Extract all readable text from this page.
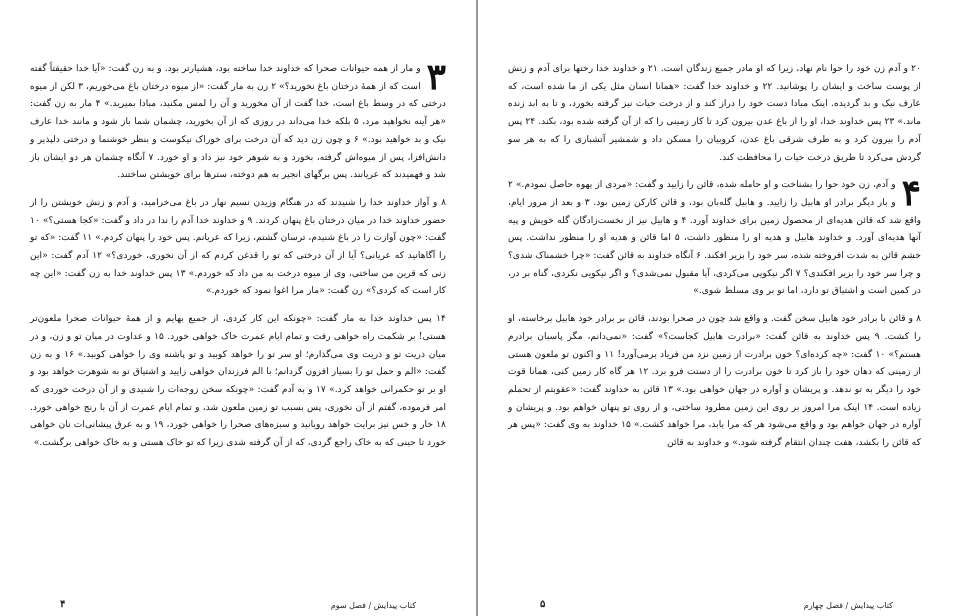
۳
و مار از همه حیوانات صحرا که خداوند خدا ساخته بود، هشیارتر بود. و به زن گفت: «آیا خدا حقیقتاً گفته است که از همهٔ درختان باغ نخورید؟» ۲ زن به مار گفت: «از میوه درختان باغ می‌خوریم، ۳ لکن از میوه درختی که در وسط باغ است، خدا گفت از آن مخورید و آن را لمس مکنید، مبادا بمیرید.» ۴ مار به زن گفت: «هر آینه نخواهید مرد، ۵ بلکه خدا می‌داند در روزی که از آن بخورید، چشمان شما باز شود و مانند خدا عارف نیک و بد خواهید بود.» ۶ و چون زن دید که آن درخت برای خوراک نیکوست و بنظر خوشنما و درختی دلپذیر و دانش‌افزا، پس از میوه‌اش گرفته، بخورد و به شوهر خود نیز داد و او خورد. ۷ آنگاه چشمان هر دو ایشان باز شد و فهمیدند که عریانند. پس برگهای انجیر به هم دوخته، سترها برای خویشتن ساختند.

۸ و آواز خداوند خدا را شنیدند که در هنگام وزیدن نسیم نهار در باغ می‌خرامید، و آدم و زنش خویشتن را از حضور خداوند خدا در میان درختان باغ پنهان کردند. ۹ و خداوند خدا آدم را ندا در داد و گفت: «کجا هستی؟» ۱۰ گفت: «چون آوازت را در باغ شنیدم، ترسان گشتم، زیرا که عریانم. پس خود را پنهان کردم.» ۱۱ گفت: «که تو را آگاهانید که عریانی؟ آیا از آن درختی که تو را قدغن کردم که از آن نخوری، خوردی؟» ۱۲ آدم گفت: «این زنی که قرین من ساختی، وی از میوه درخت به من داد که خوردم.» ۱۳ پس خداوند خدا به زن گفت: «این چه کار است که کردی؟» زن گفت: «مار مرا اغوا نمود که خوردم.»

۱۴ پس خداوند خدا به مار گفت: «چونکه این کار کردی، از جمیع بهایم و از همهٔ حیوانات صحرا ملعون‌تر هستی! بر شکمت راه خواهی رفت و تمام ایام عمرت خاک خواهی خورد. ۱۵ و عداوت در میان تو و زن، و در میان ذریت تو و ذریت وی می‌گذارم؛ او سر تو را خواهد کوبید و تو پاشنه وی را خواهی کوبید.» ۱۶ و به زن گفت: «الم و حمل تو را بسیار افزون گردانم؛ با الم فرزندان خواهی زایید و اشتیاق تو به شوهرت خواهد بود و او بر تو حکمرانی خواهد کرد.» ۱۷ و به آدم گفت: «چونکه سخن زوجه‌ات را شنیدی و از آن درخت خوردی که امر فرموده، گفتم از آن نخوری، پس بسبب تو زمین ملعون شد، و تمام ایام عمرت از آن با رنج خواهی خورد. ۱۸ خار و خس نیز برایت خواهد رویانید و سبزه‌های صحرا را خواهی خورد، ۱۹ و به عرق پیشانی‌ات نان خواهی خورد تا حینی که به خاک راجع گردی، که از آن گرفته شدی زیرا که تو خاک هستی و به خاک خواهی برگشت.»

کتاب پیدایش / فصل سوم
۴

۲۰ و آدم زن خود را حوا نام نهاد، زیرا که او مادر جمیع زندگان است. ۲۱ و خداوند خدا رختها برای آدم و زنش از پوست ساخت و ایشان را پوشانید. ۲۲ و خداوند خدا گفت: «همانا انسان مثل یکی از ما شده است، که عارف نیک و بد گردیده. اینک مبادا دست خود را دراز کند و از درخت حیات نیز گرفته بخورد، و تا به ابد زنده ماند.» ۲۳ پس خداوند خدا، او را از باغ عدن بیرون کرد تا کار زمینی را که از آن گرفته شده بود، بکند. ۲۴ پس آدم را بیرون کرد و به طرف شرقی باغ عدن، کروبیان را مسکن داد و شمشیر آتشباری را که به هر سو گردش می‌کرد تا طریق درخت حیات را محافظت کند.

۴
و آدم، زن خود حوا را بشناخت و او حامله شده، قائن را زایید و گفت: «مردی از یهوه حاصل نمودم.» ۲ و بار دیگر برادر او هابیل را زایید. و هابیل گله‌بان بود، و قائن کارکن زمین بود. ۳ و بعد از مرور ایام، واقع شد که قائن هدیه‌ای از محصول زمین برای خداوند آورد. ۴ و هابیل نیز از نخست‌زادگان گله خویش و پیه آنها هدیه‌ای آورد. و خداوند هابیل و هدیه او را منظور داشت، ۵ اما قائن و هدیه او را منظور نداشت. پس خشم قائن به شدت افروخته شده، سر خود را بزیر افکند. ۶ آنگاه خداوند به قائن گفت: «چرا خشمناک شدی؟ و چرا سر خود را بزیر افکندی؟ ۷ اگر نیکویی می‌کردی، آیا مقبول نمی‌شدی؟ و اگر نیکویی نکردی، گناه بر در، در کمین است و اشتیاق تو دارد، اما تو بر وی مسلط شوی.»

۸ و قائن با برادر خود هابیل سخن گفت. و واقع شد چون در صحرا بودند، قائن بر برادر خود هابیل برخاسته، او را کشت. ۹ پس خداوند به قائن گفت: «برادرت هابیل کجاست؟» گفت: «نمی‌دانم، مگر پاسبان برادرم هستم؟» ۱۰ گفت: «چه کرده‌ای؟ خون برادرت از زمین نزد من فریاد برمی‌آورد! ۱۱ و اکنون تو ملعون هستی از زمینی که دهان خود را باز کرد تا خون برادرت را از دستت فرو برد. ۱۲ هر گاه کار زمین کنی، همانا قوت خود را دیگر به تو ندهد. و پریشان و آواره در جهان خواهی بود.» ۱۳ قائن به خداوند گفت: «عقوبتم از تحملم زیاده است. ۱۴ اینک مرا امروز بر روی این زمین مطرود ساختی، و از روی تو پنهان خواهم بود. و پریشان و آواره در جهان خواهم بود و واقع می‌شود هر که مرا یابد، مرا خواهد کشت.» ۱۵ خداوند به وی گفت: «پس هر که قائن را بکشد، هفت چندان انتقام گرفته شود.» و خداوند به قائن

کتاب پیدایش / فصل چهارم
۵
